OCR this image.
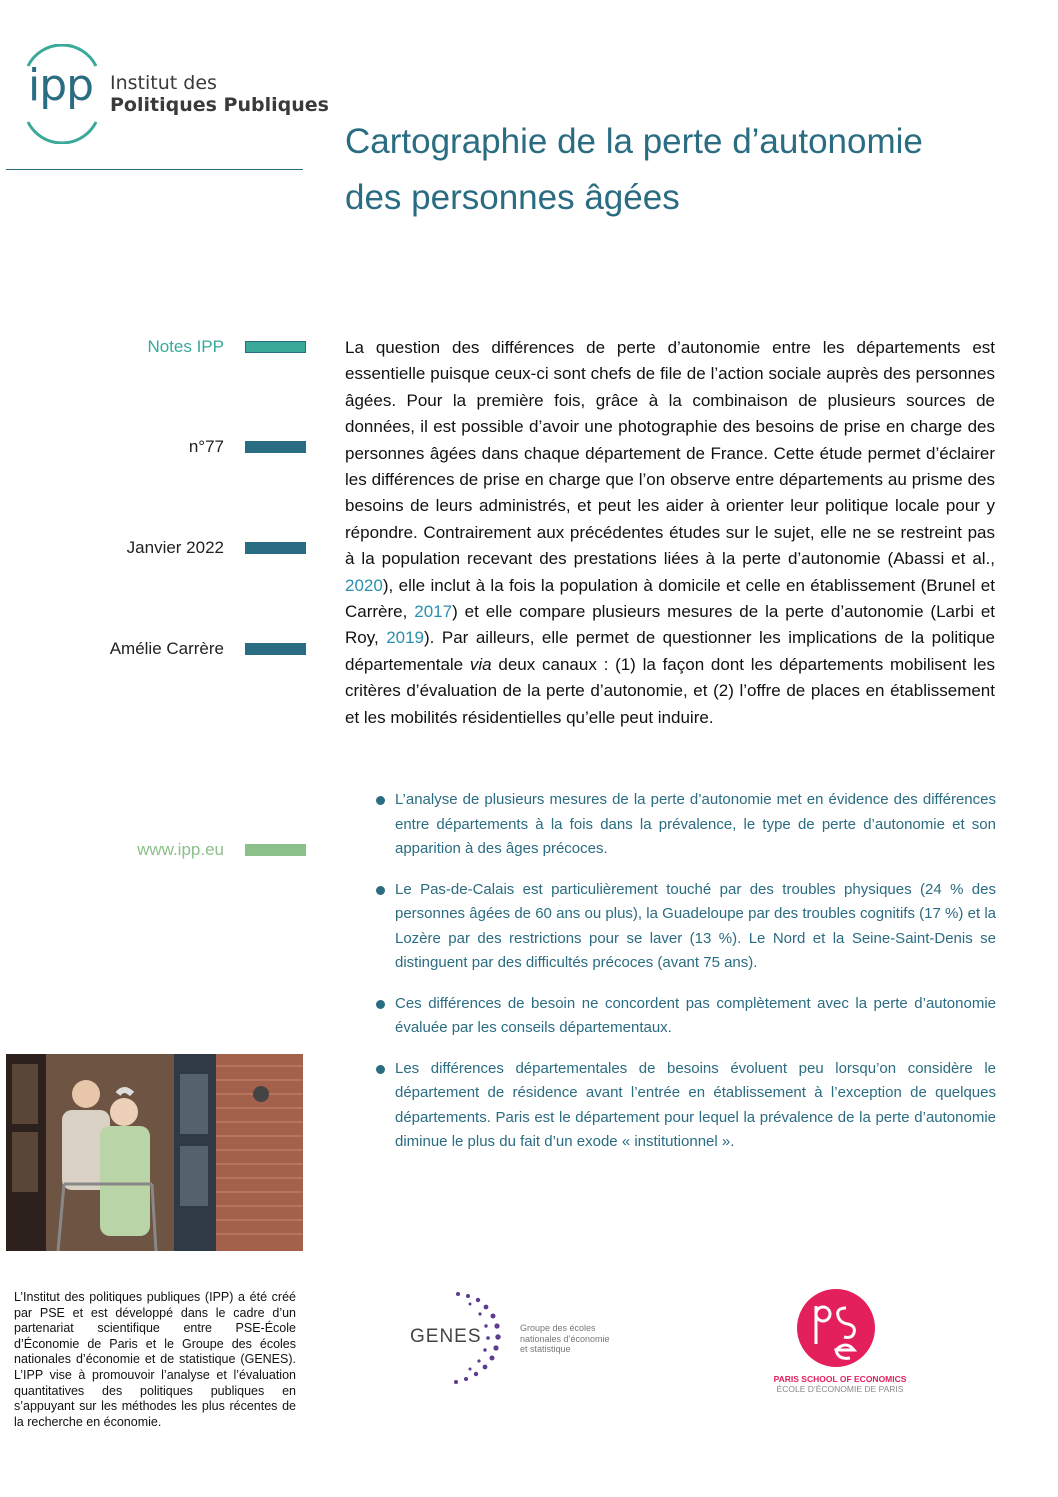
ipp Institut des
Politiques Publiques
Cartographie de la perte d’autonomie
des personnes âgées
Notes IPP
n°77
Janvier 2022
Amélie Carrère
www.ipp.eu

La question des différences de perte d’autonomie entre les départements est essentielle puisque ceux-ci sont chefs de file de l’action sociale auprès des personnes âgées. Pour la première fois, grâce à la combinaison de plusieurs sources de données, il est possible d’avoir une photographie des besoins de prise en charge des personnes âgées dans chaque département de France. Cette étude permet d’éclairer les différences de prise en charge que l’on observe entre départements au prisme des besoins de leurs administrés, et peut les aider à orienter leur politique locale pour y répondre. Contrairement aux précédentes études sur le sujet, elle ne se restreint pas à la population recevant des prestations liées à la perte d’autonomie (Abassi et al., 2020), elle inclut à la fois la population à domicile et celle en établissement (Brunel et Carrère, 2017) et elle compare plusieurs mesures de la perte d’autonomie (Larbi et Roy, 2019). Par ailleurs, elle permet de questionner les implications de la politique départementale via deux canaux : (1) la façon dont les départements mobilisent les critères d’évaluation de la perte d’autonomie, et (2) l’offre de places en établissement et les mobilités résidentielles qu’elle peut induire.

L’analyse de plusieurs mesures de la perte d’autonomie met en évidence des différences entre départements à la fois dans la prévalence, le type de perte d’autonomie et son apparition à des âges précoces.
Le Pas-de-Calais est particulièrement touché par des troubles physiques (24 % des personnes âgées de 60 ans ou plus), la Guadeloupe par des troubles cognitifs (17 %) et la Lozère par des restrictions pour se laver (13 %). Le Nord et la Seine-Saint-Denis se distinguent par des difficultés précoces (avant 75 ans).
Ces différences de besoin ne concordent pas complètement avec la perte d’autonomie évaluée par les conseils départementaux.
Les différences départementales de besoins évoluent peu lorsqu’on considère le département de résidence avant l’entrée en établissement à l’exception de quelques départements. Paris est le département pour lequel la prévalence de la perte d’autonomie diminue le plus du fait d’un exode « institutionnel ».

L’Institut des politiques publiques (IPP) a été créé par PSE et est développé dans le cadre d’un partenariat scientifique entre PSE-École d’Économie de Paris et le Groupe des écoles nationales d’économie et de statistique (GENES). L’IPP vise à promouvoir l’analyse et l’évaluation quantitatives des politiques publiques en s’appuyant sur les méthodes les plus récentes de la recherche en économie.

GENES	Groupe des écoles
nationales d’économie
et statistique
PARIS SCHOOL OF ECONOMICS
ÉCOLE D’ÉCONOMIE DE PARIS
